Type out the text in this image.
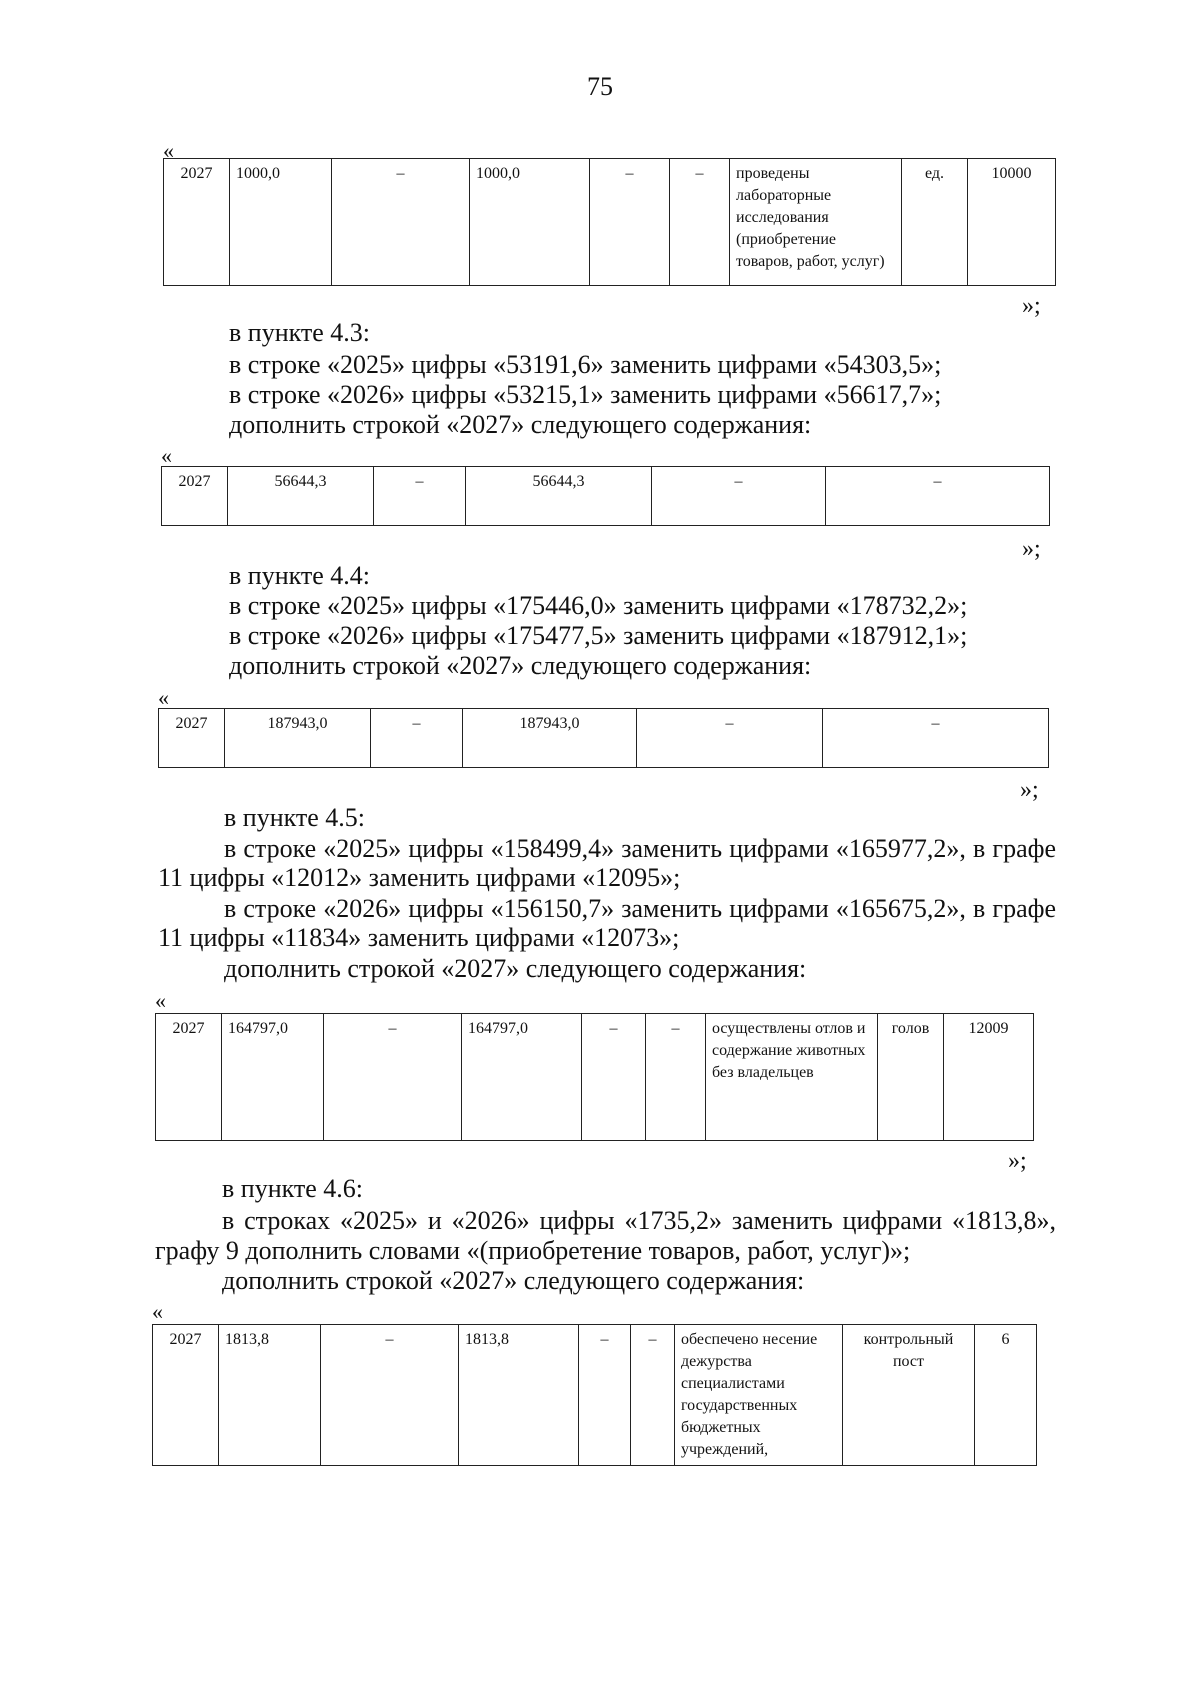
75
«
2027	1000,0	–	1000,0	–	–	проведены лабораторные исследования (приобретение товаров, работ, услуг)	ед.	10000
»;
в пункте 4.3:
в строке «2025» цифры «53191,6» заменить цифрами «54303,5»;
в строке «2026» цифры «53215,1» заменить цифрами «56617,7»;
дополнить строкой «2027» следующего содержания:
«
2027	56644,3	–	56644,3	–	–
»;
в пункте 4.4:
в строке «2025» цифры «175446,0» заменить цифрами «178732,2»;
в строке «2026» цифры «175477,5» заменить цифрами «187912,1»;
дополнить строкой «2027» следующего содержания:
«
2027	187943,0	–	187943,0	–	–
»;
в пункте 4.5:
в строке «2025» цифры «158499,4» заменить цифрами «165977,2», в графе
11 цифры «12012» заменить цифрами «12095»;
в строке «2026» цифры «156150,7» заменить цифрами «165675,2», в графе
11 цифры «11834» заменить цифрами «12073»;
дополнить строкой «2027» следующего содержания:
«
2027	164797,0	–	164797,0	–	–	осуществлены отлов и содержание животных без владельцев	голов	12009
»;
в пункте 4.6:
в строках «2025» и «2026» цифры «1735,2» заменить цифрами «1813,8»,
графу 9 дополнить словами «(приобретение товаров, работ, услуг)»;
дополнить строкой «2027» следующего содержания:
«
2027	1813,8	–	1813,8	–	–	обеспечено несение дежурства специалистами государственных бюджетных учреждений,	контрольный пост	6
